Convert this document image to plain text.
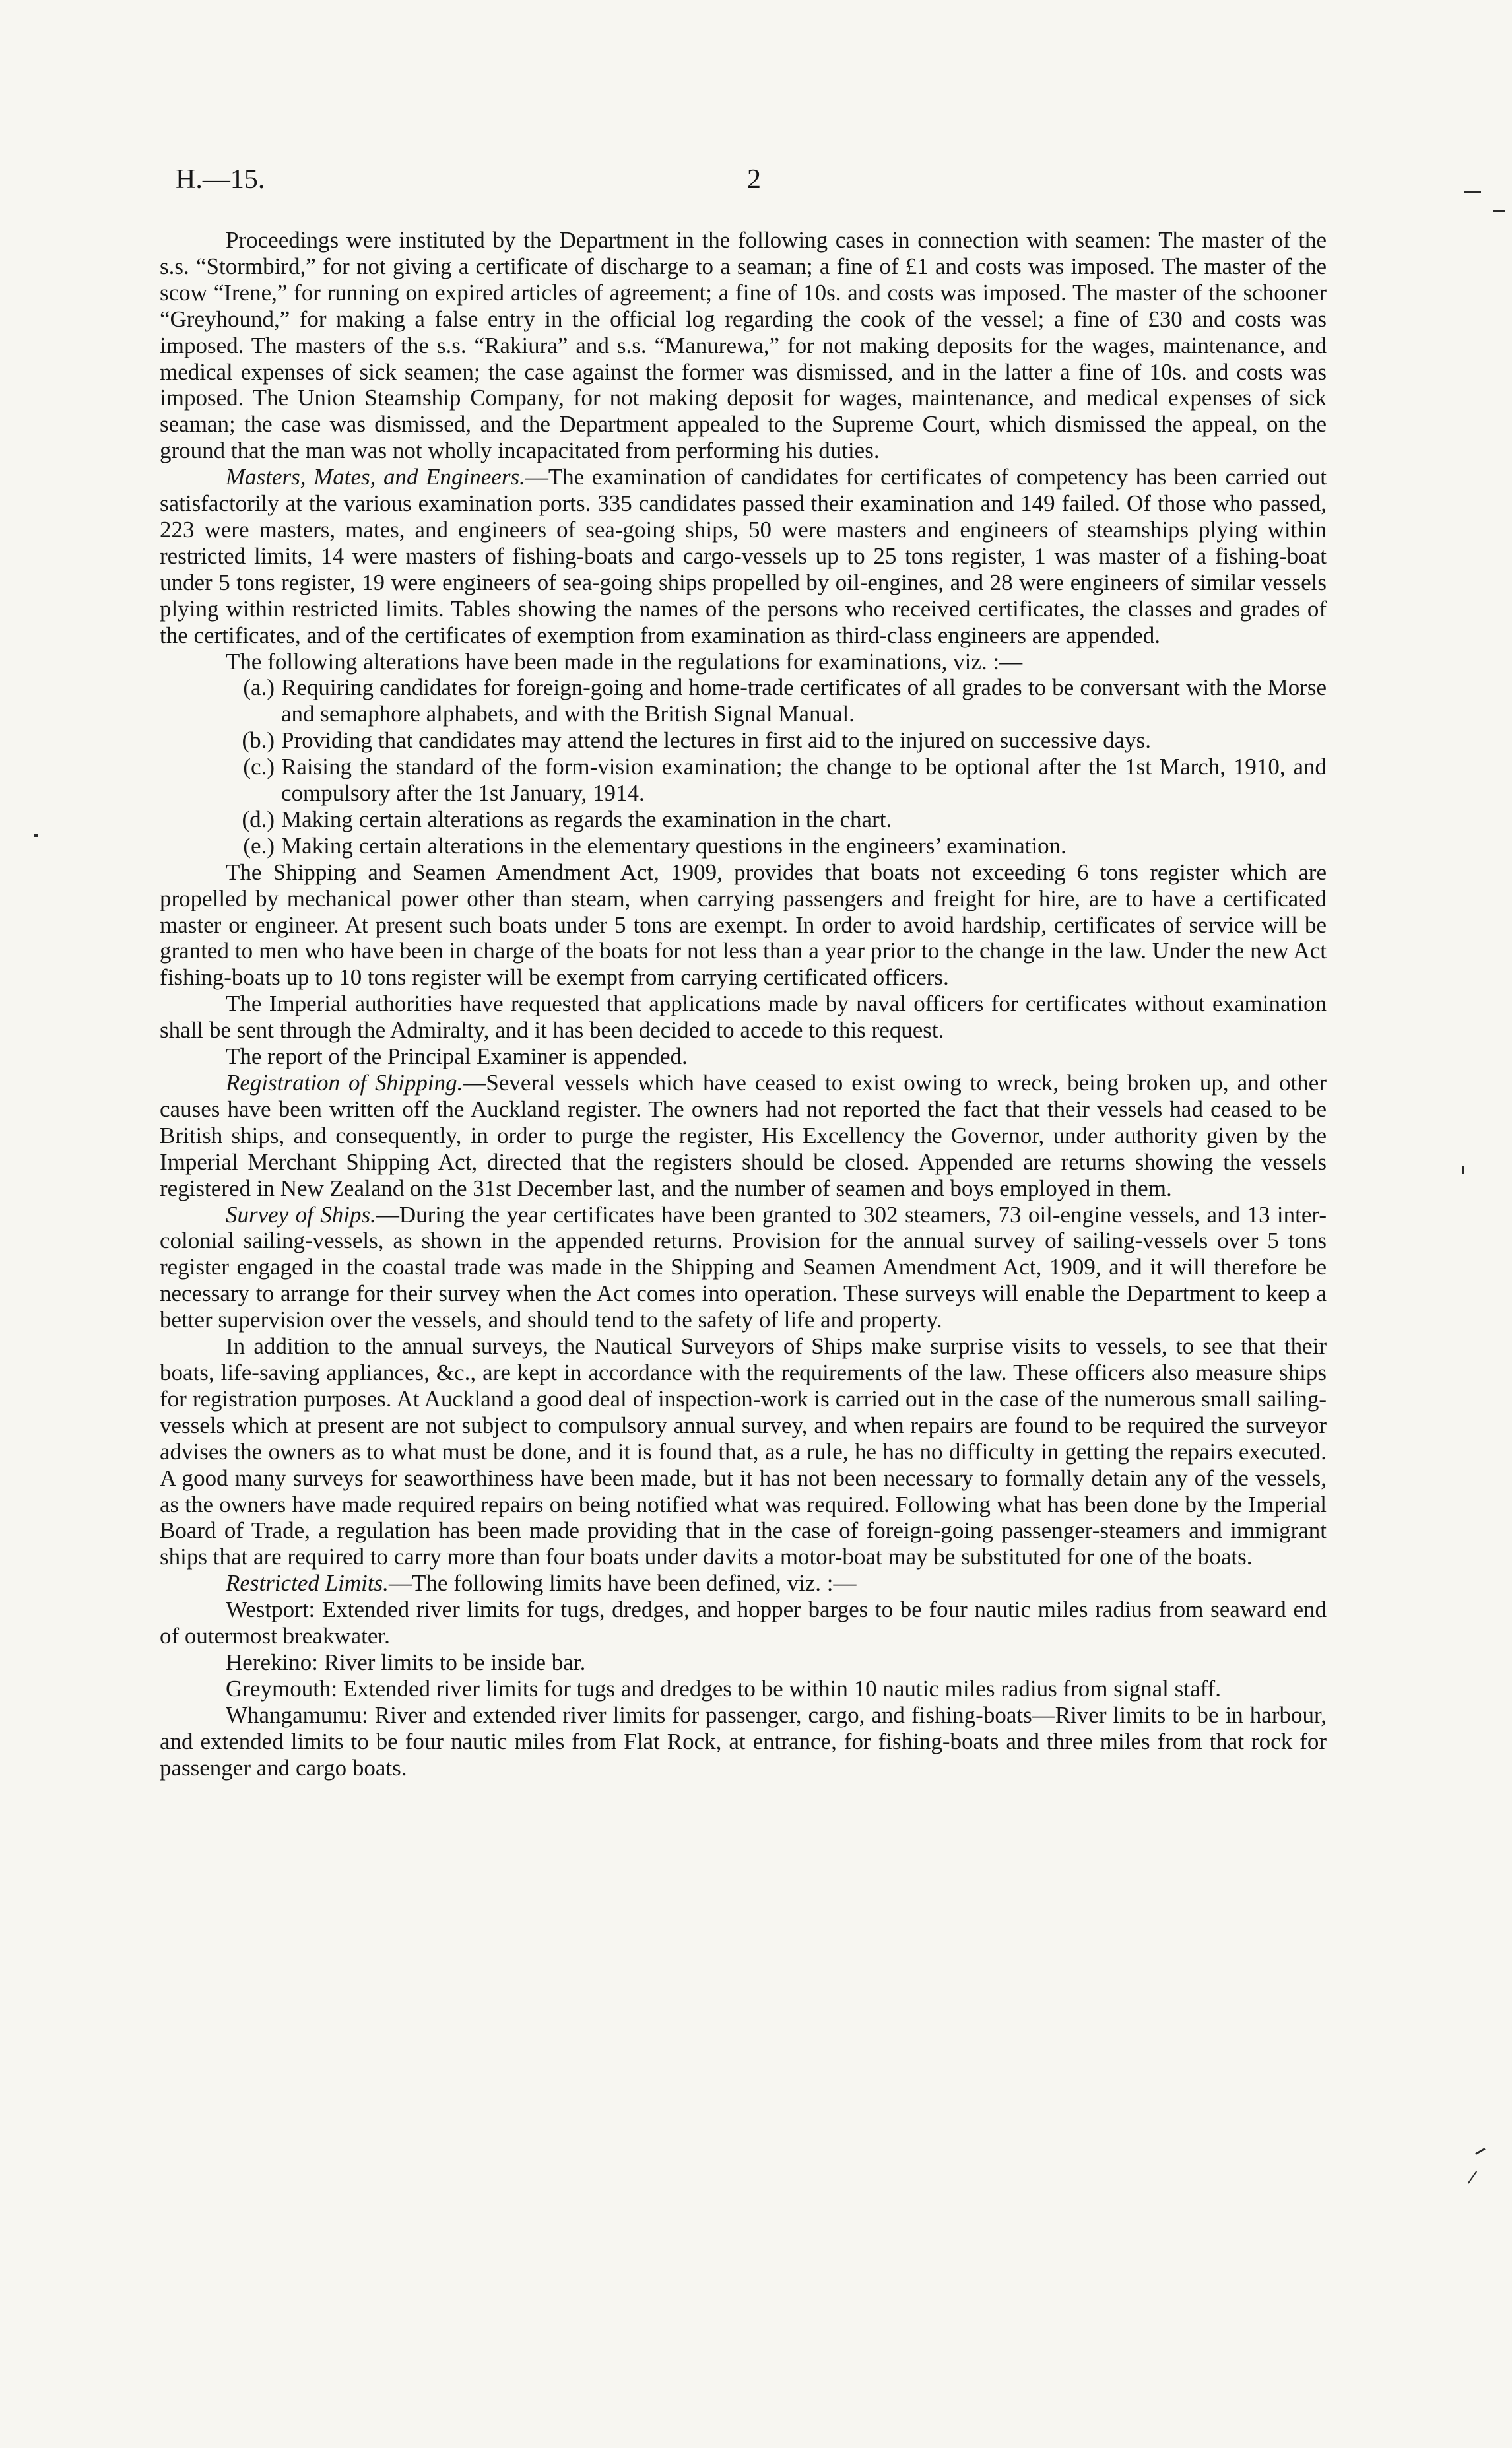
H.—15.	2

Proceedings were instituted by the Department in the following cases in connection with seamen: The master of the s.s. “Stormbird,” for not giving a certificate of discharge to a seaman; a fine of £1 and costs was imposed. The master of the scow “Irene,” for running on expired articles of agreement; a fine of 10s. and costs was imposed. The master of the schooner “Greyhound,” for making a false entry in the official log regarding the cook of the vessel; a fine of £30 and costs was imposed. The masters of the s.s. “Rakiura” and s.s. “Manurewa,” for not making deposits for the wages, maintenance, and medical expenses of sick seamen; the case against the former was dismissed, and in the latter a fine of 10s. and costs was imposed. The Union Steamship Company, for not making deposit for wages, maintenance, and medical expenses of sick seaman; the case was dismissed, and the Department appealed to the Supreme Court, which dismissed the appeal, on the ground that the man was not wholly incapacitated from performing his duties.

Masters, Mates, and Engineers.—The examination of candidates for certificates of competency has been carried out satisfactorily at the various examination ports. 335 candidates passed their examination and 149 failed. Of those who passed, 223 were masters, mates, and engineers of sea-going ships, 50 were masters and engineers of steamships plying within restricted limits, 14 were masters of fishing-boats and cargo-vessels up to 25 tons register, 1 was master of a fishing-boat under 5 tons register, 19 were engineers of sea-going ships propelled by oil-engines, and 28 were engineers of similar vessels plying within restricted limits. Tables showing the names of the persons who received certificates, the classes and grades of the certificates, and of the certificates of exemption from examination as third-class engineers are appended.

The following alterations have been made in the regulations for examinations, viz. :—

(a.) Requiring candidates for foreign-going and home-trade certificates of all grades to be conversant with the Morse and semaphore alphabets, and with the British Signal Manual.
(b.) Providing that candidates may attend the lectures in first aid to the injured on successive days.
(c.) Raising the standard of the form-vision examination; the change to be optional after the 1st March, 1910, and compulsory after the 1st January, 1914.
(d.) Making certain alterations as regards the examination in the chart.
(e.) Making certain alterations in the elementary questions in the engineers’ examination.

The Shipping and Seamen Amendment Act, 1909, provides that boats not exceeding 6 tons register which are propelled by mechanical power other than steam, when carrying passengers and freight for hire, are to have a certificated master or engineer. At present such boats under 5 tons are exempt. In order to avoid hardship, certificates of service will be granted to men who have been in charge of the boats for not less than a year prior to the change in the law. Under the new Act fishing-boats up to 10 tons register will be exempt from carrying certificated officers.

The Imperial authorities have requested that applications made by naval officers for certificates without examination shall be sent through the Admiralty, and it has been decided to accede to this request.

The report of the Principal Examiner is appended.

Registration of Shipping.—Several vessels which have ceased to exist owing to wreck, being broken up, and other causes have been written off the Auckland register. The owners had not reported the fact that their vessels had ceased to be British ships, and consequently, in order to purge the register, His Excellency the Governor, under authority given by the Imperial Merchant Shipping Act, directed that the registers should be closed. Appended are returns showing the vessels registered in New Zealand on the 31st December last, and the number of seamen and boys employed in them.

Survey of Ships.—During the year certificates have been granted to 302 steamers, 73 oil-engine vessels, and 13 inter-colonial sailing-vessels, as shown in the appended returns. Provision for the annual survey of sailing-vessels over 5 tons register engaged in the coastal trade was made in the Shipping and Seamen Amendment Act, 1909, and it will therefore be necessary to arrange for their survey when the Act comes into operation. These surveys will enable the Department to keep a better supervision over the vessels, and should tend to the safety of life and property.

In addition to the annual surveys, the Nautical Surveyors of Ships make surprise visits to vessels, to see that their boats, life-saving appliances, &c., are kept in accordance with the requirements of the law. These officers also measure ships for registration purposes. At Auckland a good deal of inspection-work is carried out in the case of the numerous small sailing-vessels which at present are not subject to compulsory annual survey, and when repairs are found to be required the surveyor advises the owners as to what must be done, and it is found that, as a rule, he has no difficulty in getting the repairs executed. A good many surveys for seaworthiness have been made, but it has not been necessary to formally detain any of the vessels, as the owners have made required repairs on being notified what was required. Following what has been done by the Imperial Board of Trade, a regulation has been made providing that in the case of foreign-going passenger-steamers and immigrant ships that are required to carry more than four boats under davits a motor-boat may be substituted for one of the boats.

Restricted Limits.—The following limits have been defined, viz. :—

Westport: Extended river limits for tugs, dredges, and hopper barges to be four nautic miles radius from seaward end of outermost breakwater.

Herekino: River limits to be inside bar.

Greymouth: Extended river limits for tugs and dredges to be within 10 nautic miles radius from signal staff.

Whangamumu: River and extended river limits for passenger, cargo, and fishing-boats—River limits to be in harbour, and extended limits to be four nautic miles from Flat Rock, at entrance, for fishing-boats and three miles from that rock for passenger and cargo boats.
